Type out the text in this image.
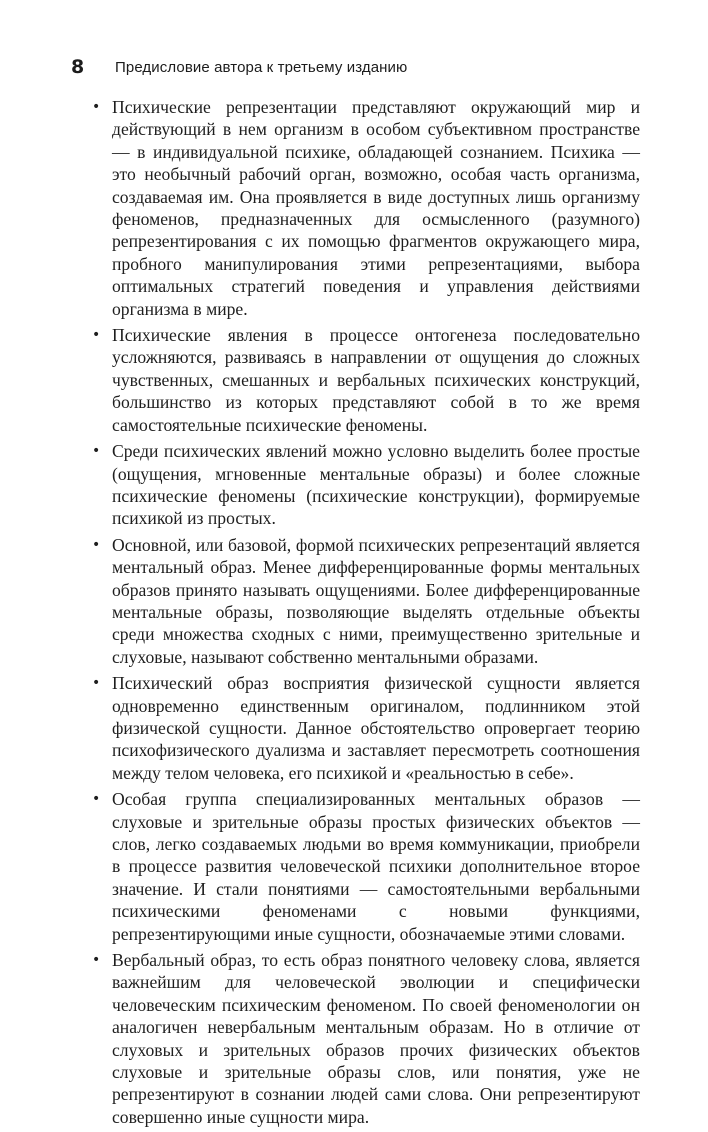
8	Предисловие автора к третьему изданию
• Психические репрезентации представляют окружающий мир и действующий в нем организм в особом субъективном пространстве — в индивидуальной психике, обладающей сознанием. Психика — это необычный рабочий орган, возможно, особая часть организма, создаваемая им. Она проявляется в виде доступных лишь организму феноменов, предназначенных для осмысленного (разумного) репрезентирования с их помощью фрагментов окружающего мира, пробного манипулирования этими репрезентациями, выбора оптимальных стратегий поведения и управления действиями организма в мире.
• Психические явления в процессе онтогенеза последовательно усложняются, развиваясь в направлении от ощущения до сложных чувственных, смешанных и вербальных психических конструкций, большинство из которых представляют собой в то же время самостоятельные психические феномены.
• Среди психических явлений можно условно выделить более простые (ощущения, мгновенные ментальные образы) и более сложные психические феномены (психические конструкции), формируемые психикой из простых.
• Основной, или базовой, формой психических репрезентаций является ментальный образ. Менее дифференцированные формы ментальных образов принято называть ощущениями. Более дифференцированные ментальные образы, позволяющие выделять отдельные объекты среди множества сходных с ними, преимущественно зрительные и слуховые, называют собственно ментальными образами.
• Психический образ восприятия физической сущности является одновременно единственным оригиналом, подлинником этой физической сущности. Данное обстоятельство опровергает теорию психофизического дуализма и заставляет пересмотреть соотношения между телом человека, его психикой и «реальностью в себе».
• Особая группа специализированных ментальных образов — слуховые и зрительные образы простых физических объектов — слов, легко создаваемых людьми во время коммуникации, приобрели в процессе развития человеческой психики дополнительное второе значение. И стали понятиями — самостоятельными вербальными психическими феноменами с новыми функциями, репрезентирующими иные сущности, обозначаемые этими словами.
• Вербальный образ, то есть образ понятного человеку слова, является важнейшим для человеческой эволюции и специфически человеческим психическим феноменом. По своей феноменологии он аналогичен невербальным ментальным образам. Но в отличие от слуховых и зрительных образов прочих физических объектов слуховые и зрительные образы слов, или понятия, уже не репрезентируют в сознании людей сами слова. Они репрезентируют совершенно иные сущности мира.
